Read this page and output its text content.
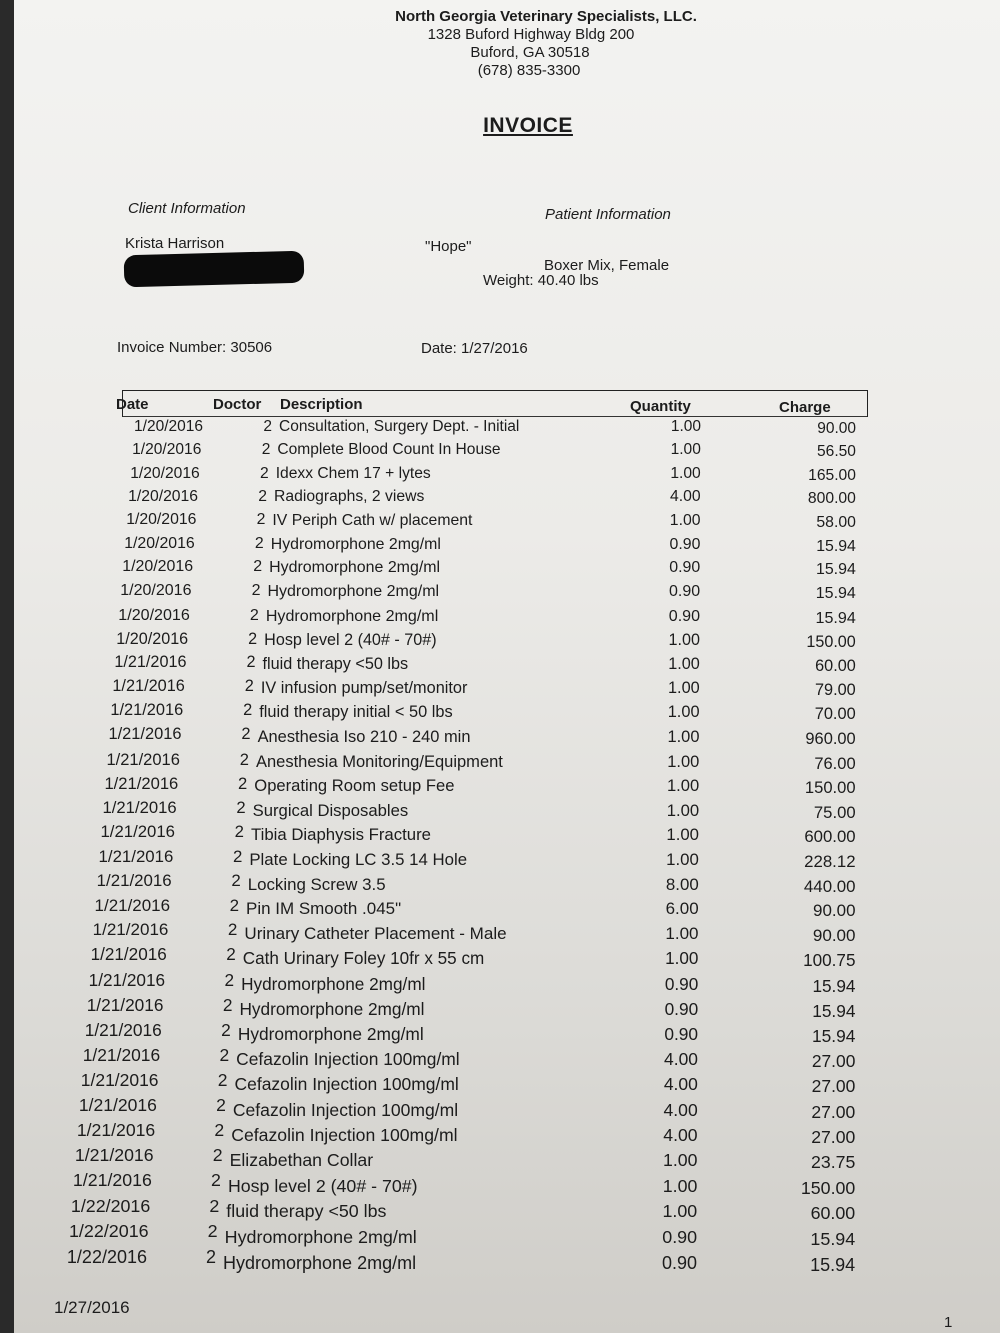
North Georgia Veterinary Specialists, LLC.
1328 Buford Highway Bldg 200
Buford, GA 30518
(678) 835-3300
INVOICE
Client Information	Patient Information
Krista Harrison	"Hope"
Boxer Mix, Female
Weight: 40.40 lbs
Invoice Number: 30506	Date: 1/27/2016
Date	Doctor Description	Quantity	Charge
1/20/2016	2 Consultation, Surgery Dept. - Initial	1.00	90.00
1/20/2016	2 Complete Blood Count In House	1.00	56.50
1/20/2016	2 Idexx Chem 17 + lytes	1.00	165.00
1/20/2016	2 Radiographs, 2 views	4.00	800.00
1/20/2016	2 IV Periph Cath w/ placement	1.00	58.00
1/20/2016	2 Hydromorphone 2mg/ml	0.90	15.94
1/20/2016	2 Hydromorphone 2mg/ml	0.90	15.94
1/20/2016	2 Hydromorphone 2mg/ml	0.90	15.94
1/20/2016	2 Hydromorphone 2mg/ml	0.90	15.94
1/20/2016	2 Hosp level 2 (40# - 70#)	1.00	150.00
1/21/2016	2 fluid therapy <50 lbs	1.00	60.00
1/21/2016	2 IV infusion pump/set/monitor	1.00	79.00
1/21/2016	2 fluid therapy initial < 50 lbs	1.00	70.00
1/21/2016	2 Anesthesia Iso 210 - 240 min	1.00	960.00
1/21/2016	2 Anesthesia Monitoring/Equipment	1.00	76.00
1/21/2016	2 Operating Room setup Fee	1.00	150.00
1/21/2016	2 Surgical Disposables	1.00	75.00
1/21/2016	2 Tibia Diaphysis Fracture	1.00	600.00
1/21/2016	2 Plate Locking LC 3.5 14 Hole	1.00	228.12
1/21/2016	2 Locking Screw 3.5	8.00	440.00
1/21/2016	2 Pin IM Smooth .045"	6.00	90.00
1/21/2016	2 Urinary Catheter Placement - Male	1.00	90.00
1/21/2016	2 Cath Urinary Foley 10fr x 55 cm	1.00	100.75
1/21/2016	2 Hydromorphone 2mg/ml	0.90	15.94
1/21/2016	2 Hydromorphone 2mg/ml	0.90	15.94
1/21/2016	2 Hydromorphone 2mg/ml	0.90	15.94
1/21/2016	2 Cefazolin Injection 100mg/ml	4.00	27.00
1/21/2016	2 Cefazolin Injection 100mg/ml	4.00	27.00
1/21/2016	2 Cefazolin Injection 100mg/ml	4.00	27.00
1/21/2016	2 Cefazolin Injection 100mg/ml	4.00	27.00
1/21/2016	2 Elizabethan Collar	1.00	23.75
1/21/2016	2 Hosp level 2 (40# - 70#)	1.00	150.00
1/22/2016	2 fluid therapy <50 lbs	1.00	60.00
1/22/2016	2 Hydromorphone 2mg/ml	0.90	15.94
1/22/2016	2 Hydromorphone 2mg/ml	0.90	15.94
1/27/2016
1
